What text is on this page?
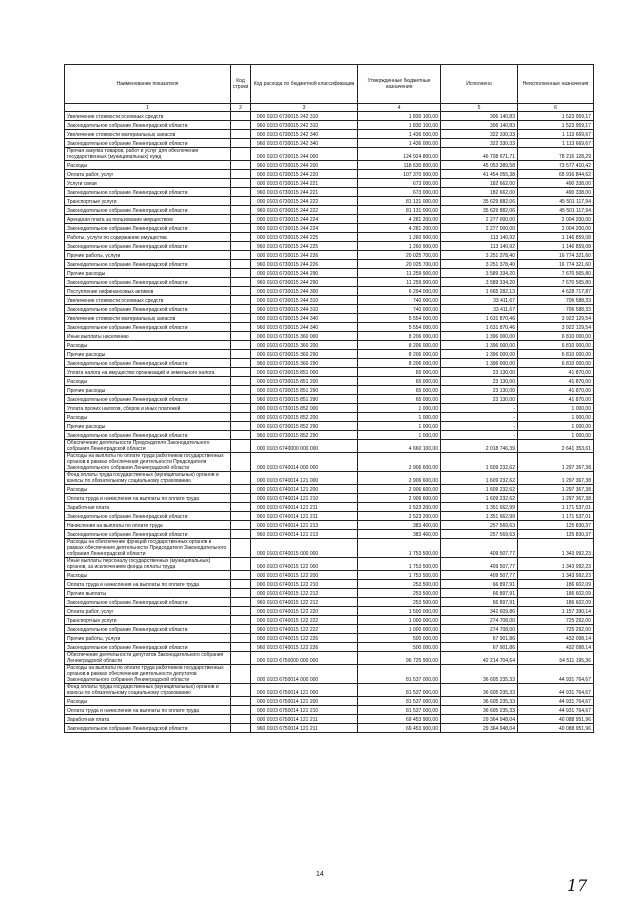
Наименование показателя	Код строки	Код расхода по бюджетной классификации	Утвержденные бюджетные назначения	Исполнено	Неисполненные назначения
1	2	3	4	5	6
Увеличение стоимости основных средств		000 0103 6730015 242 310	1 830 100,00	306 140,83	1 523 959,17
Законодательное собрание Ленинградской области		960 0103 6730015 242 310	1 830 100,00	306 140,83	1 523 959,17
Увеличение стоимости материальных запасов		000 0103 6730015 242 340	1 436 000,00	322 330,33	1 113 669,67
Законодательное собрание Ленинградской области		960 0103 6730015 242 340	1 436 000,00	322 330,33	1 113 669,67
Прочая закупка товаров, работ и услуг для обеспечения государственных (муниципальных) нужд		000 0103 6730015 244 000	124 924 800,00	46 708 671,71	78 216 128,29
Расходы		960 0103 6730015 244 200	118 630 800,00	45 053 389,58	73 577 410,42
Оплата работ, услуг		000 0103 6730015 244 220	107 370 900,00	41 454 055,38	65 916 844,62
Услуги связи		000 0103 6730015 244 221	673 000,00	182 662,00	490 338,00
Законодательное собрание Ленинградской области		960 0103 6730015 244 221	673 000,00	182 662,00	490 338,00
Транспортные услуги		000 0103 6730015 244 222	81 131 000,00	35 629 882,06	45 501 117,94
Законодательное собрание Ленинградской области		960 0103 6730015 244 222	81 131 000,00	35 629 882,06	45 501 117,94
Арендная плата за пользование имуществом		000 0103 6730015 244 224	4 281 200,00	2 277 000,00	2 004 200,00
Законодательное собрание Ленинградской области		960 0103 6730015 244 224	4 281 200,00	2 277 000,00	2 004 200,00
Работы, услуги по содержанию имущества		000 0103 6730015 244 225	1 260 900,00	113 140,92	1 146 859,08
Законодательное собрание Ленинградской области		960 0103 6730015 244 225	1 260 900,00	113 140,92	1 146 859,08
Прочие работы, услуги		000 0103 6730015 244 226	20 025 700,00	3 251 378,40	16 774 321,60
Законодательное собрание Ленинградской области		960 0103 6730015 244 226	20 025 700,00	3 251 378,40	16 774 321,60
Прочие расходы		000 0103 6730015 244 290	11 259 900,00	3 589 334,20	7 670 565,80
Законодательное собрание Ленинградской области		960 0103 6730015 244 290	11 259 900,00	3 589 334,20	7 670 565,80
Поступление нефинансовых активов		000 0103 6730015 244 300	6 294 000,00	1 665 282,13	4 628 717,87
Увеличение стоимости основных средств		000 0103 6730015 244 310	740 000,00	33 411,67	706 588,33
Законодательное собрание Ленинградской области		960 0103 6730015 244 310	740 000,00	33 411,67	706 588,33
Увеличение стоимости материальных запасов		000 0103 6730015 244 340	5 554 000,00	1 631 870,46	3 922 129,54
Законодательное собрание Ленинградской области		960 0103 6730015 244 340	5 554 000,00	1 631 870,46	3 922 129,54
Иные выплаты населению		000 0103 6730015 360 000	8 206 000,00	1 396 000,00	6 810 000,00
Расходы		000 0103 6730015 360 200	8 206 000,00	1 396 000,00	6 810 000,00
Прочие расходы		000 0103 6730015 360 290	8 206 000,00	1 396 000,00	6 810 000,00
Законодательное собрание Ленинградской области		960 0103 6730015 360 290	8 206 000,00	1 396 000,00	6 810 000,00
Уплата налога на имущество организаций и земельного налога		000 0103 6730015 851 000	65 000,00	23 130,00	41 870,00
Расходы		000 0103 6730015 851 200	65 000,00	23 130,00	41 870,00
Прочие расходы		000 0103 6730015 851 290	65 000,00	23 130,00	41 870,00
Законодательное собрание Ленинградской области		960 0103 6730015 851 290	65 000,00	23 130,00	41 870,00
Уплата прочих налогов, сборов и иных платежей		000 0103 6730015 852 000	1 000,00	-	1 000,00
Расходы		000 0103 6730015 852 200	1 000,00	-	1 000,00
Прочие расходы		000 0103 6730015 852 290	1 000,00	-	1 000,00
Законодательное собрание Ленинградской области		960 0103 6730015 852 290	1 000,00	-	1 000,00
Обеспечение деятельности Председателя Законодательного собрания Ленинградской области		000 0103 6740000 000 000	4 660 100,00	2 018 746,39	2 641 353,61
Расходы на выплаты по оплате труда работников государственных органов в рамках обеспечения деятельности Председателя Законодательного собрания Ленинградской области		000 0103 6740014 000 000	2 906 600,00	1 609 232,62	1 297 367,38
Фонд оплаты труда государственных (муниципальных) органов и взносы по обязательному социальному страхованию		000 0103 6740014 121 000	2 906 600,00	1 609 232,62	1 297 367,38
Расходы		000 0103 6740014 121 200	2 906 600,00	1 609 232,62	1 297 367,38
Оплата труда и начисления на выплаты по оплате труда		000 0103 6740014 121 210	2 906 600,00	1 609 232,62	1 297 367,38
Заработная плата		000 0103 6740014 121 211	2 523 200,00	1 351 662,99	1 171 537,01
Законодательное собрание Ленинградской области		960 0103 6740014 121 211	2 523 200,00	1 351 662,99	1 171 537,01
Начисления на выплаты по оплате труда		000 0103 6740014 121 213	383 400,00	257 569,63	125 830,37
Законодательное собрание Ленинградской области		960 0103 6740014 121 213	383 400,00	257 569,63	125 830,37
Расходы на обеспечение функций государственных органов в рамках обеспечения деятельности Председателя Законодательного собрания Ленинградской области		000 0103 6740015 000 000	1 753 500,00	409 507,77	1 343 992,23
Иные выплаты персоналу государственных (муниципальных) органов, за исключением фонда оплаты труда		000 0103 6740015 122 000	1 753 500,00	409 507,77	1 343 992,23
Расходы		000 0103 6740015 122 200	1 753 500,00	409 507,77	1 343 992,23
Оплата труда и начисления на выплаты по оплате труда		000 0103 6740015 122 210	253 500,00	66 897,91	186 602,09
Прочие выплаты		000 0103 6740015 122 212	253 500,00	66 897,91	186 602,09
Законодательное собрание Ленинградской области		960 0103 6740015 122 212	253 500,00	66 897,91	186 602,09
Оплата работ, услуг		000 0103 6740015 122 220	1 500 000,00	342 609,86	1 157 390,14
Транспортные услуги		000 0103 6740015 122 222	1 000 000,00	274 708,00	725 292,00
Законодательное собрание Ленинградской области		960 0103 6740015 122 222	1 000 000,00	274 708,00	725 292,00
Прочие работы, услуги		000 0103 6740015 122 226	500 000,00	67 901,86	432 098,14
Законодательное собрание Ленинградской области		960 0103 6740015 122 226	500 000,00	67 901,86	432 098,14
Обеспечение деятельности депутатов Законодательного собрания Ленинградской области		000 0103 6750000 000 000	96 725 900,00	42 214 704,64	54 511 195,36
Расходы на выплаты по оплате труда работников государственных органов в рамках обеспечения деятельности депутатов Законодательного собрания Ленинградской области		000 0103 6750014 000 000	81 537 000,00	36 605 235,33	44 931 764,67
Фонд оплаты труда государственных (муниципальных) органов и взносы по обязательному социальному страхованию		000 0103 6750014 121 000	81 537 000,00	36 605 235,33	44 931 764,67
Расходы		000 0103 6750014 121 200	81 537 000,00	36 605 235,33	44 931 764,67
Оплата труда и начисления на выплаты по оплате труда		000 0103 6750014 121 210	81 537 000,00	36 605 235,33	44 931 764,67
Заработная плата		000 0103 6750014 121 211	69 453 900,00	29 364 948,04	40 088 951,96
Законодательное собрание Ленинградской области		960 0103 6750014 121 211	69 453 900,00	29 364 948,04	40 088 951,96
14
17
